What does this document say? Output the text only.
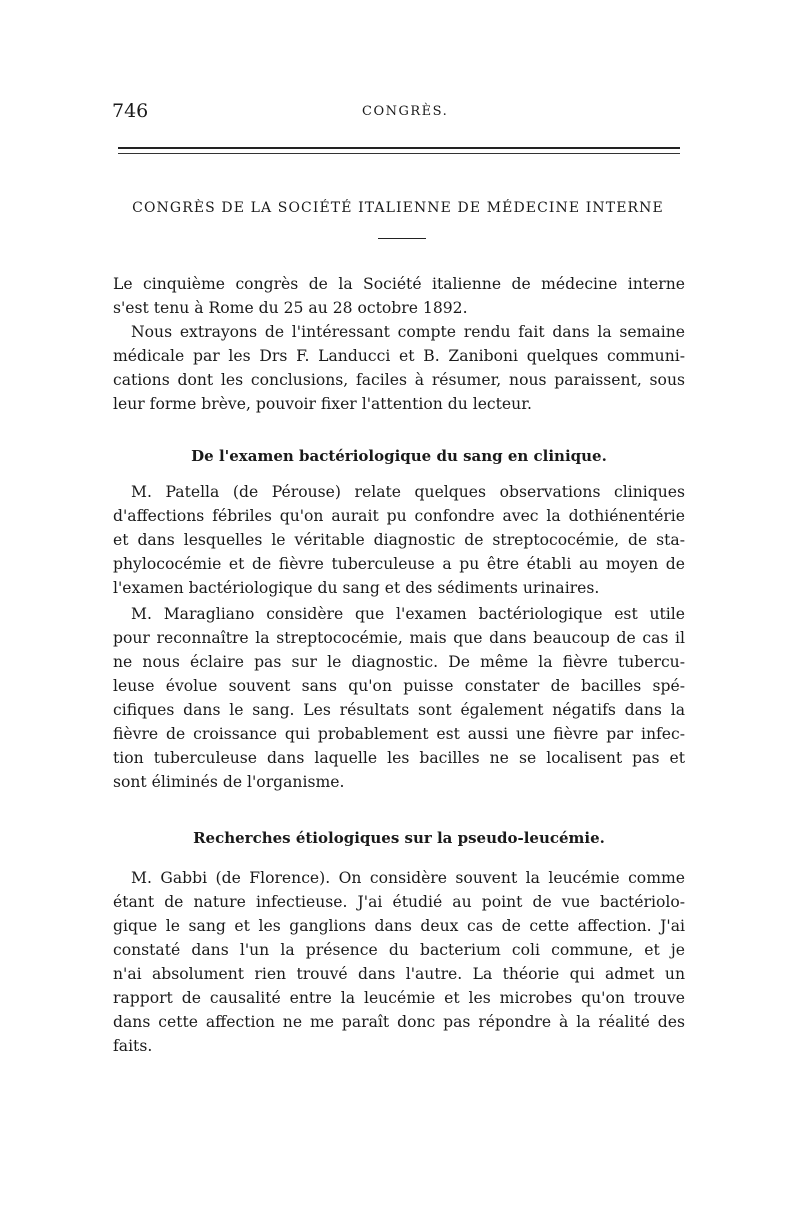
746	CONGRÈS.
CONGRÈS DE LA SOCIÉTÉ ITALIENNE DE MÉDECINE INTERNE

Le cinquième congrès de la Société italienne de médecine interne
s'est tenu à Rome du 25 au 28 octobre 1892.
Nous extrayons de l'intéressant compte rendu fait dans la semaine
médicale par les Drs F. Landucci et B. Zaniboni quelques communi-
cations dont les conclusions, faciles à résumer, nous paraissent, sous
leur forme brève, pouvoir fixer l'attention du lecteur.

De l'examen bactériologique du sang en clinique.

M. Patella (de Pérouse) relate quelques observations cliniques
d'affections fébriles qu'on aurait pu confondre avec la dothiénentérie
et dans lesquelles le véritable diagnostic de streptococémie, de sta-
phylococémie et de fièvre tuberculeuse a pu être établi au moyen de
l'examen bactériologique du sang et des sédiments urinaires.

M. Maragliano considère que l'examen bactériologique est utile
pour reconnaître la streptococémie, mais que dans beaucoup de cas il
ne nous éclaire pas sur le diagnostic. De même la fièvre tubercu-
leuse évolue souvent sans qu'on puisse constater de bacilles spé-
cifiques dans le sang. Les résultats sont également négatifs dans la
fièvre de croissance qui probablement est aussi une fièvre par infec-
tion tuberculeuse dans laquelle les bacilles ne se localisent pas et
sont éliminés de l'organisme.

Recherches étiologiques sur la pseudo-leucémie.

M. Gabbi (de Florence). On considère souvent la leucémie comme
étant de nature infectieuse. J'ai étudié au point de vue bactériolo-
gique le sang et les ganglions dans deux cas de cette affection. J'ai
constaté dans l'un la présence du bacterium coli commune, et je
n'ai absolument rien trouvé dans l'autre. La théorie qui admet un
rapport de causalité entre la leucémie et les microbes qu'on trouve
dans cette affection ne me paraît donc pas répondre à la réalité des
faits.
